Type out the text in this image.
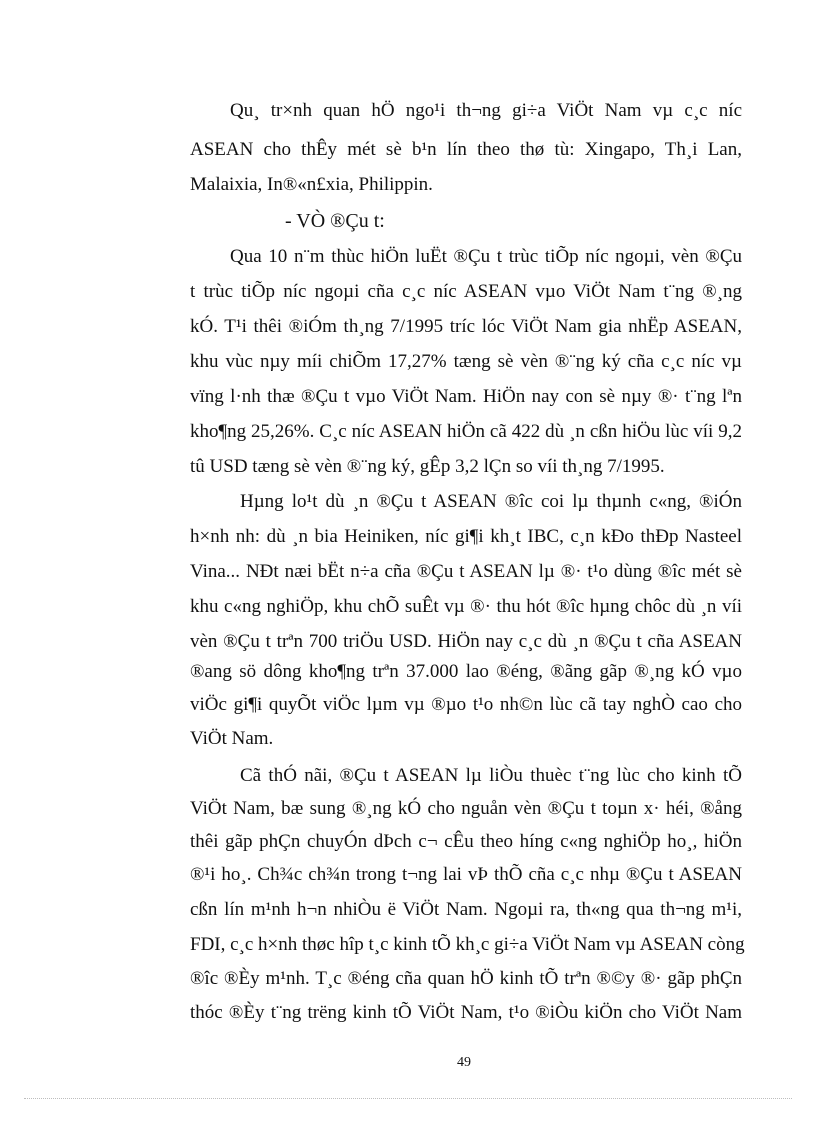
Qu¸ tr×nh quan hÖ ngo¹i th¬ng gi÷a ViÖt Nam vµ c¸c níc
ASEAN cho thÊy mét sè b¹n lín theo thø tù: Xingapo, Th¸i Lan,
Malaixia, In®«n£xia, Philippin.
- VÒ ®Çu t:
Qua 10 n¨m thùc hiÖn luËt ®Çu t trùc tiÕp níc ngoµi, vèn ®Çu
t trùc tiÕp níc ngoµi cña c¸c níc ASEAN vµo ViÖt Nam t¨ng ®¸ng
kÓ. T¹i thêi ®iÓm th¸ng 7/1995 tríc lóc ViÖt Nam gia nhËp ASEAN,
khu vùc nµy míi chiÕm 17,27% tæng sè vèn ®¨ng ký cña c¸c níc vµ
vïng l·nh thæ ®Çu t vµo ViÖt Nam. HiÖn nay con sè nµy ®· t¨ng lªn
kho¶ng 25,26%. C¸c níc ASEAN hiÖn cã 422 dù ¸n cßn hiÖu lùc víi 9,2
tû USD tæng sè vèn ®¨ng ký, gÊp 3,2 lÇn so víi th¸ng 7/1995.
Hµng lo¹t dù ¸n ®Çu t ASEAN ®îc coi lµ thµnh c«ng, ®iÓn
h×nh nh: dù ¸n bia Heiniken, níc gi¶i kh¸t IBC, c¸n kÐo thÐp Nasteel
Vina... NÐt næi bËt n÷a cña ®Çu t ASEAN lµ ®· t¹o dùng ®îc mét sè
khu c«ng nghiÖp, khu chÕ suÊt vµ ®· thu hót ®îc hµng chôc dù ¸n víi
vèn ®Çu t trªn 700 triÖu USD. HiÖn nay c¸c dù ¸n ®Çu t cña ASEAN
®ang sö dông kho¶ng trªn 37.000 lao ®éng, ®ãng gãp ®¸ng kÓ vµo
viÖc gi¶i quyÕt viÖc lµm vµ ®µo t¹o nh©n lùc cã tay nghÒ cao cho
ViÖt Nam.
Cã thÓ nãi, ®Çu t ASEAN lµ liÒu thuèc t¨ng lùc cho kinh tÕ
ViÖt Nam, bæ sung ®¸ng kÓ cho nguån vèn ®Çu t toµn x· héi, ®ång
thêi gãp phÇn chuyÓn dÞch c¬ cÊu theo híng c«ng nghiÖp ho¸, hiÖn
®¹i ho¸. Ch¾c ch¾n trong t¬ng lai vÞ thÕ cña c¸c nhµ ®Çu t ASEAN
cßn lín m¹nh h¬n nhiÒu ë ViÖt Nam. Ngoµi ra, th«ng qua th¬ng m¹i,
FDI, c¸c h×nh thøc hîp t¸c kinh tÕ kh¸c gi÷a ViÖt Nam vµ ASEAN còng
®îc ®Èy m¹nh. T¸c ®éng cña quan hÖ kinh tÕ trªn ®©y ®· gãp phÇn
thóc ®Èy t¨ng trëng kinh tÕ ViÖt Nam, t¹o ®iÒu kiÖn cho ViÖt Nam
49
